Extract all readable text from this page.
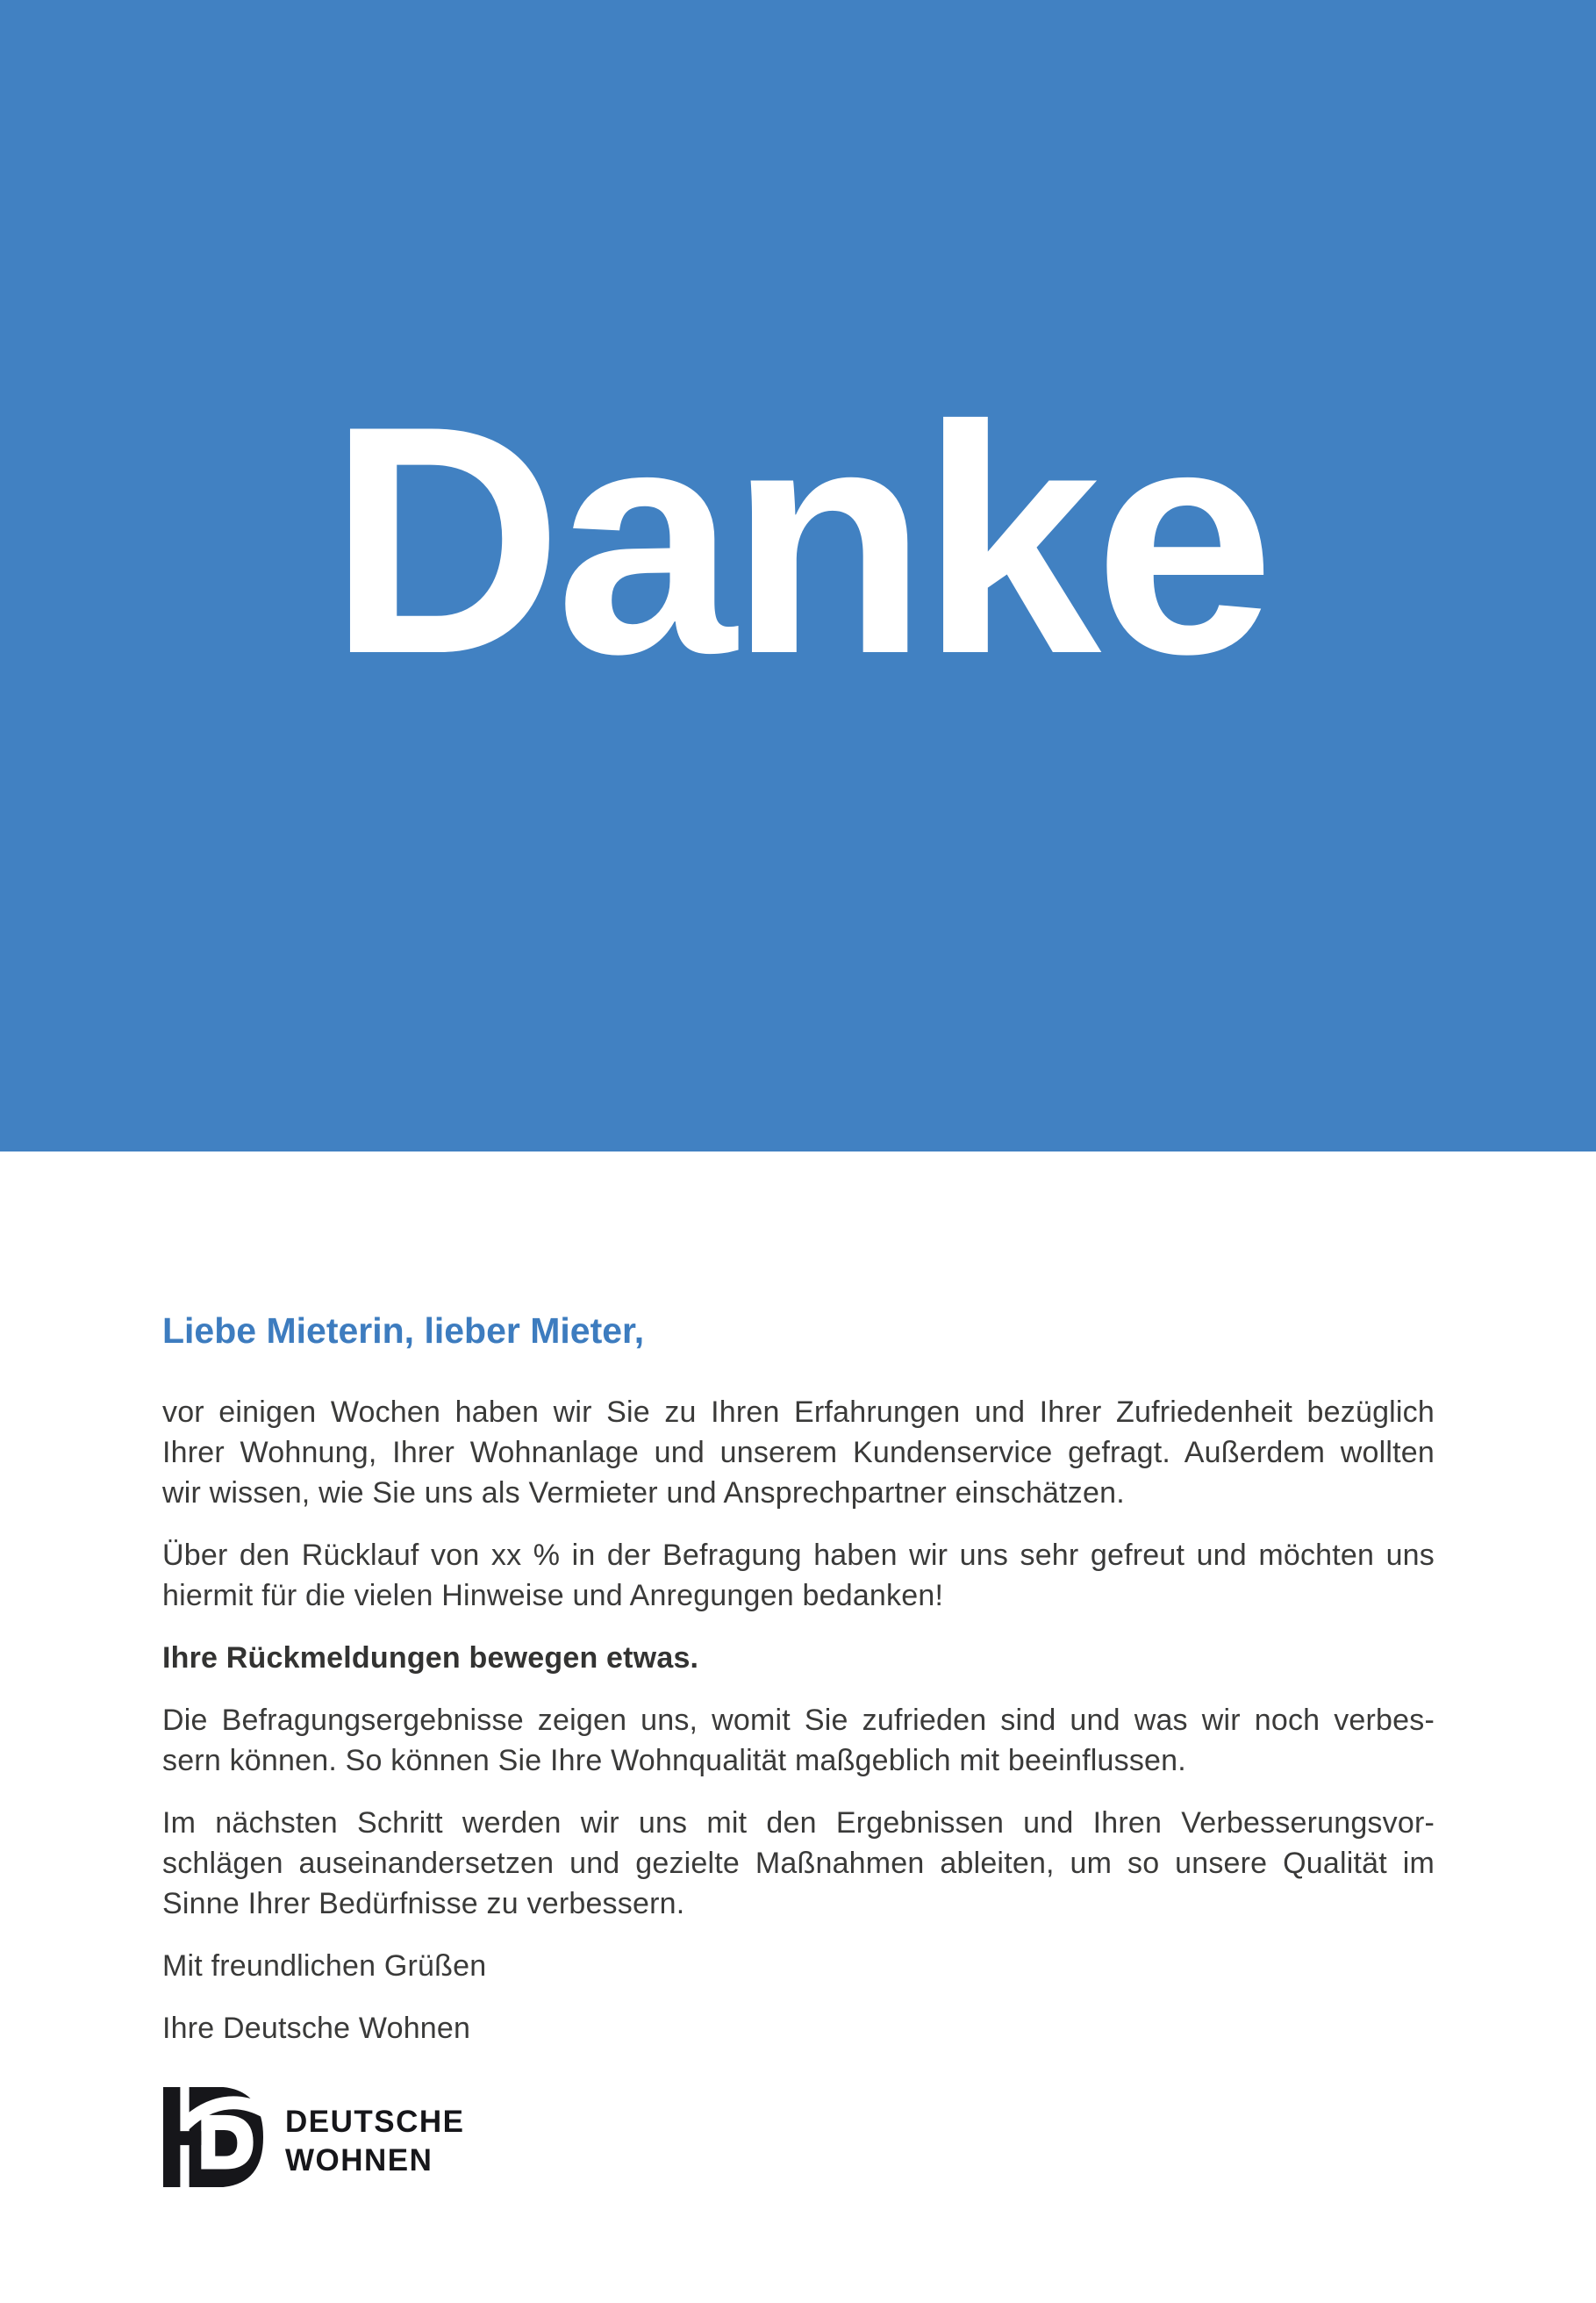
Danke
Liebe Mieterin, lieber Mieter,
vor einigen Wochen haben wir Sie zu Ihren Erfahrungen und Ihrer Zufriedenheit bezüglich
Ihrer Wohnung, Ihrer Wohnanlage und unserem Kundenservice gefragt. Außerdem wollten
wir wissen, wie Sie uns als Vermieter und Ansprechpartner einschätzen.
Über den Rücklauf von xx % in der Befragung haben wir uns sehr gefreut und möchten uns
hiermit für die vielen Hinweise und Anregungen bedanken!
Ihre Rückmeldungen bewegen etwas.
Die Befragungsergebnisse zeigen uns, womit Sie zufrieden sind und was wir noch verbes-
sern können. So können Sie Ihre Wohnqualität maßgeblich mit beeinflussen.
Im nächsten Schritt werden wir uns mit den Ergebnissen und Ihren Verbesserungsvor-
schlägen auseinandersetzen und gezielte Maßnahmen ableiten, um so unsere Qualität im
Sinne Ihrer Bedürfnisse zu verbessern.
Mit freundlichen Grüßen
Ihre Deutsche Wohnen
DEUTSCHE
WOHNEN
